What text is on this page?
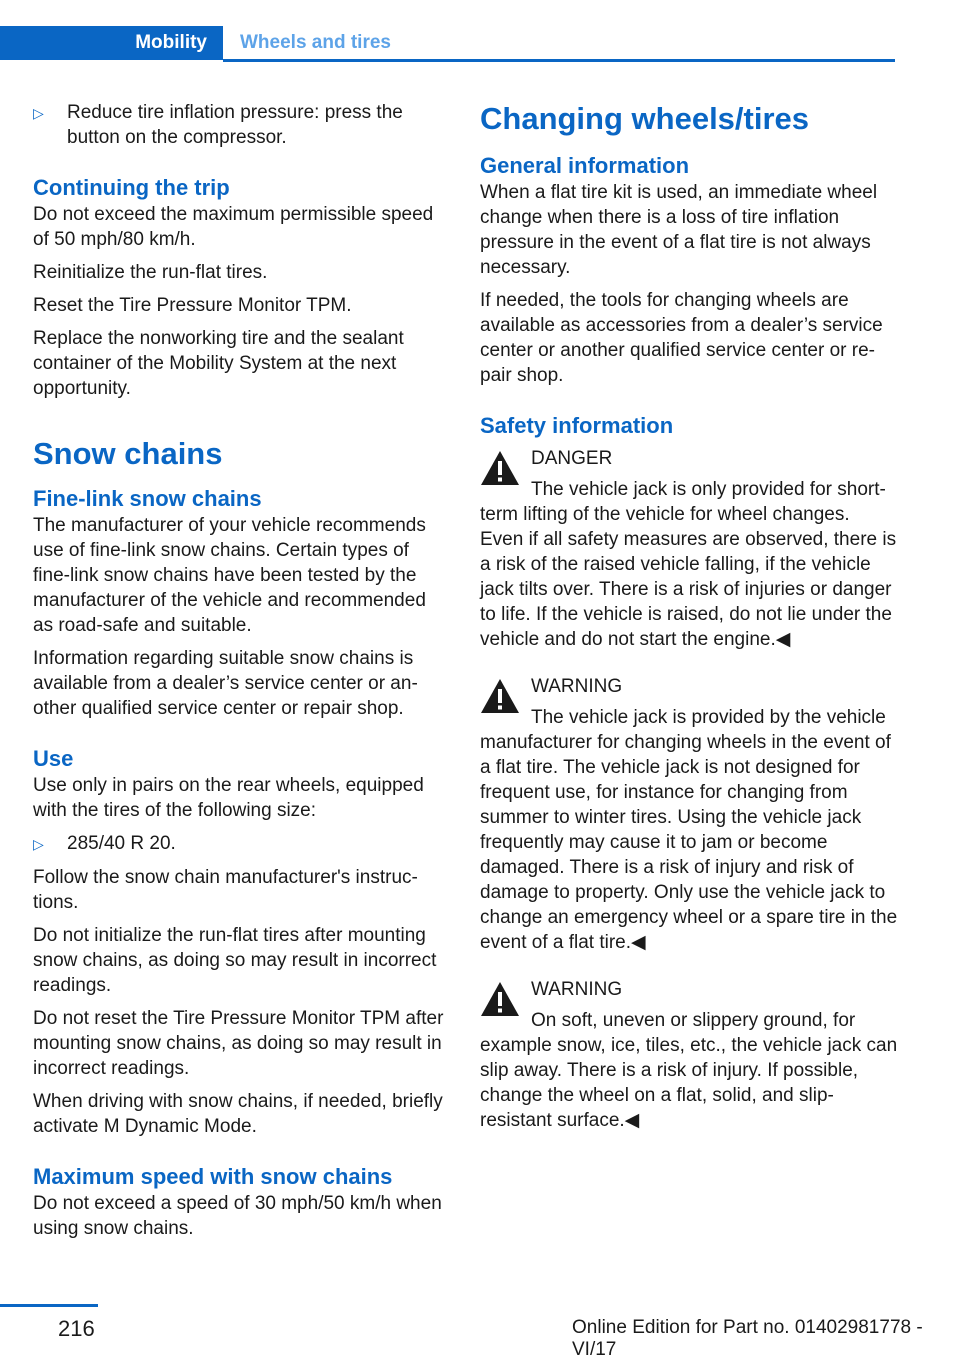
Mobility	Wheels and tires
▷	Reduce tire inflation pressure: press the button on the compressor.
Continuing the trip

Do not exceed the maximum permissible speed of 50 mph/80 km/h.

Reinitialize the run-flat tires.

Reset the Tire Pressure Monitor TPM.

Replace the nonworking tire and the sealant container of the Mobility System at the next opportunity.

Snow chains
Fine-link snow chains

The manufacturer of your vehicle recommends use of fine-link snow chains. Certain types of fine-link snow chains have been tested by the manufacturer of the vehicle and recommended as road-safe and suitable.

Information regarding suitable snow chains is available from a dealer’s service center or another qualified service center or repair shop.

Use

Use only in pairs on the rear wheels, equipped with the tires of the following size:

▷	285/40 R 20.

Follow the snow chain manufacturer's instructions.

Do not initialize the run-flat tires after mounting snow chains, as doing so may result in incorrect readings.

Do not reset the Tire Pressure Monitor TPM after mounting snow chains, as doing so may result in incorrect readings.

When driving with snow chains, if needed, briefly activate M Dynamic Mode.

Maximum speed with snow chains

Do not exceed a speed of 30 mph/50 km/h when using snow chains.

Changing wheels/tires
General information

When a flat tire kit is used, an immediate wheel change when there is a loss of tire inflation pressure in the event of a flat tire is not always necessary.

If needed, the tools for changing wheels are available as accessories from a dealer’s service center or another qualified service center or repair shop.

Safety information
DANGER

The vehicle jack is only provided for short-term lifting of the vehicle for wheel changes. Even if all safety measures are observed, there is a risk of the raised vehicle falling, if the vehicle jack tilts over. There is a risk of injuries or danger to life. If the vehicle is raised, do not lie under the vehicle and do not start the engine.◀

WARNING

The vehicle jack is provided by the vehicle manufacturer for changing wheels in the event of a flat tire. The vehicle jack is not designed for frequent use, for instance for changing from summer to winter tires. Using the vehicle jack frequently may cause it to jam or become damaged. There is a risk of injury and risk of damage to property. Only use the vehicle jack to change an emergency wheel or a spare tire in the event of a flat tire.◀

WARNING

On soft, uneven or slippery ground, for example snow, ice, tiles, etc., the vehicle jack can slip away. There is a risk of injury. If possible, change the wheel on a flat, solid, and slip-resistant surface.◀

216	Online Edition for Part no. 01402981778 - VI/17
